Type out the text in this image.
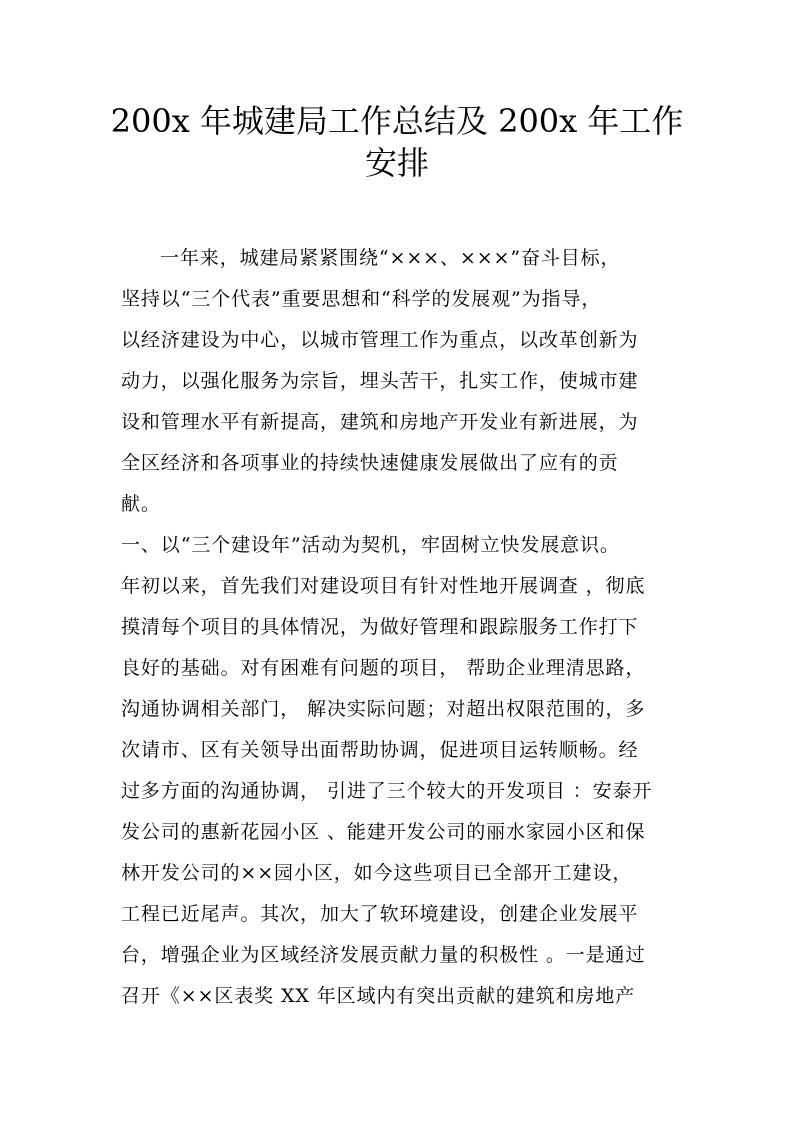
200x 年城建局工作总结及 200x 年工作
安排
一年来，城建局紧紧围绕“×××、×××”奋斗目标，
坚持以“三个代表”重要思想和“科学的发展观”为指导，
以经济建设为中心，以城市管理工作为重点，以改革创新为
动力，以强化服务为宗旨，埋头苦干，扎实工作，使城市建
设和管理水平有新提高，建筑和房地产开发业有新进展，为
全区经济和各项事业的持续快速健康发展做出了应有的贡
献。
一、以“三个建设年”活动为契机，牢固树立快发展意识。
年初以来，首先我们对建设项目有针对性地开展调查 ，彻底
摸清每个项目的具体情况，为做好管理和跟踪服务工作打下
良好的基础。对有困难有问题的项目， 帮助企业理清思路，
沟通协调相关部门， 解决实际问题；对超出权限范围的，多
次请市、区有关领导出面帮助协调，促进项目运转顺畅。经
过多方面的沟通协调， 引进了三个较大的开发项目 ：安泰开
发公司的惠新花园小区 、能建开发公司的丽水家园小区和保
林开发公司的××园小区，如今这些项目已全部开工建设，
工程已近尾声。其次，加大了软环境建设，创建企业发展平
台，增强企业为区域经济发展贡献力量的积极性 。一是通过
召开《××区表奖 XX 年区域内有突出贡献的建筑和房地产
